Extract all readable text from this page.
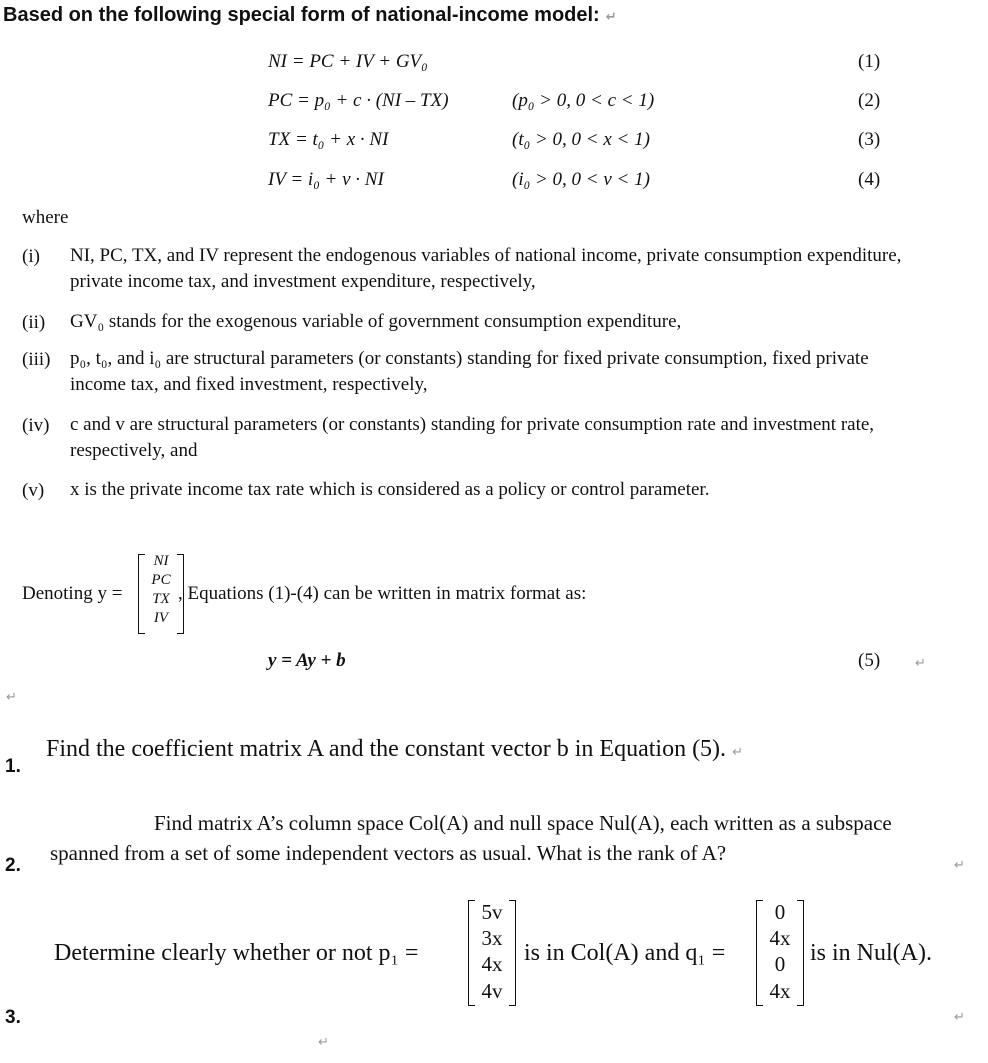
Based on the following special form of national-income model: ↵
NI = PC + IV + GV₀	(1)
PC = p₀ + c · (NI – TX)	(p₀ > 0, 0 < c < 1)	(2)
TX = t₀ + x · NI	(t₀ > 0, 0 < x < 1)	(3)
IV = i₀ + v · NI	(i₀ > 0, 0 < v < 1)	(4)
where
(i) NI, PC, TX, and IV represent the endogenous variables of national income, private consumption expenditure, private income tax, and investment expenditure, respectively,
(ii) GV₀ stands for the exogenous variable of government consumption expenditure,
(iii) p₀, t₀, and i₀ are structural parameters (or constants) standing for fixed private consumption, fixed private income tax, and fixed investment, respectively,
(iv) c and v are structural parameters (or constants) standing for private consumption rate and investment rate, respectively, and
(v) x is the private income tax rate which is considered as a policy or control parameter.
Denoting y =
NI
PC
TX
IV
, Equations (1)-(4) can be written in matrix format as:
y = Ay + b	(5)	↵
↵
1.
Find the coefficient matrix A and the constant vector b in Equation (5). ↵
2.
Find matrix A’s column space Col(A) and null space Nul(A), each written as a subspace spanned from a set of some independent vectors as usual. What is the rank of A?
↵
3.
Determine clearly whether or not p₁ =
5v
3x
4x
4v
is in Col(A) and q₁ =
0
4x
0
4x
is in Nul(A).
↵
↵
